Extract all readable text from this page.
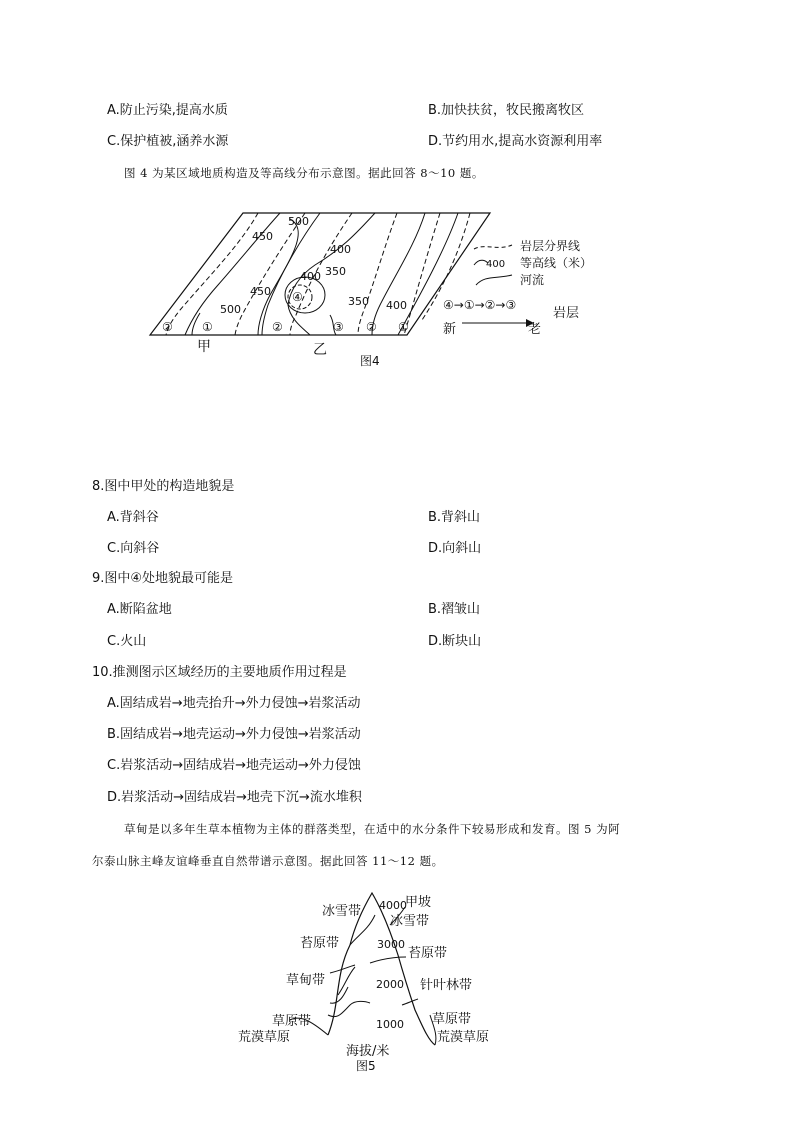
A.防止污染,提高水质	B.加快扶贫，牧民搬离牧区
C.保护植被,涵养水源	D.节约用水,提高水资源利用率
图 4 为某区域地质构造及等高线分布示意图。据此回答 8～10 题。
500
450
400
350
400
500
450
350 400
② ①	②	③ ② ①
④
甲	乙
岩层分界线
400 等高线（米）
河流
④→①→②→③
岩层
新	老
图4
8.图中甲处的构造地貌是
A.背斜谷	B.背斜山
C.向斜谷	D.向斜山
9.图中④处地貌最可能是
A.断陷盆地	B.褶皱山
C.火山	D.断块山
10.推测图示区域经历的主要地质作用过程是
A.固结成岩→地壳抬升→外力侵蚀→岩浆活动
B.固结成岩→地壳运动→外力侵蚀→岩浆活动
C.岩浆活动→固结成岩→地壳运动→外力侵蚀
D.岩浆活动→固结成岩→地壳下沉→流水堆积
草甸是以多年生草本植物为主体的群落类型，在适中的水分条件下较易形成和发育。图 5 为阿
尔泰山脉主峰友谊峰垂直自然带谱示意图。据此回答 11～12 题。
冰雪带
苔原带
草甸带
草原带
荒漠草原
甲坡
冰雪带
苔原带
针叶林带
草原带
荒漠草原
4000
3000
2000
1000
海拔/米
图5
